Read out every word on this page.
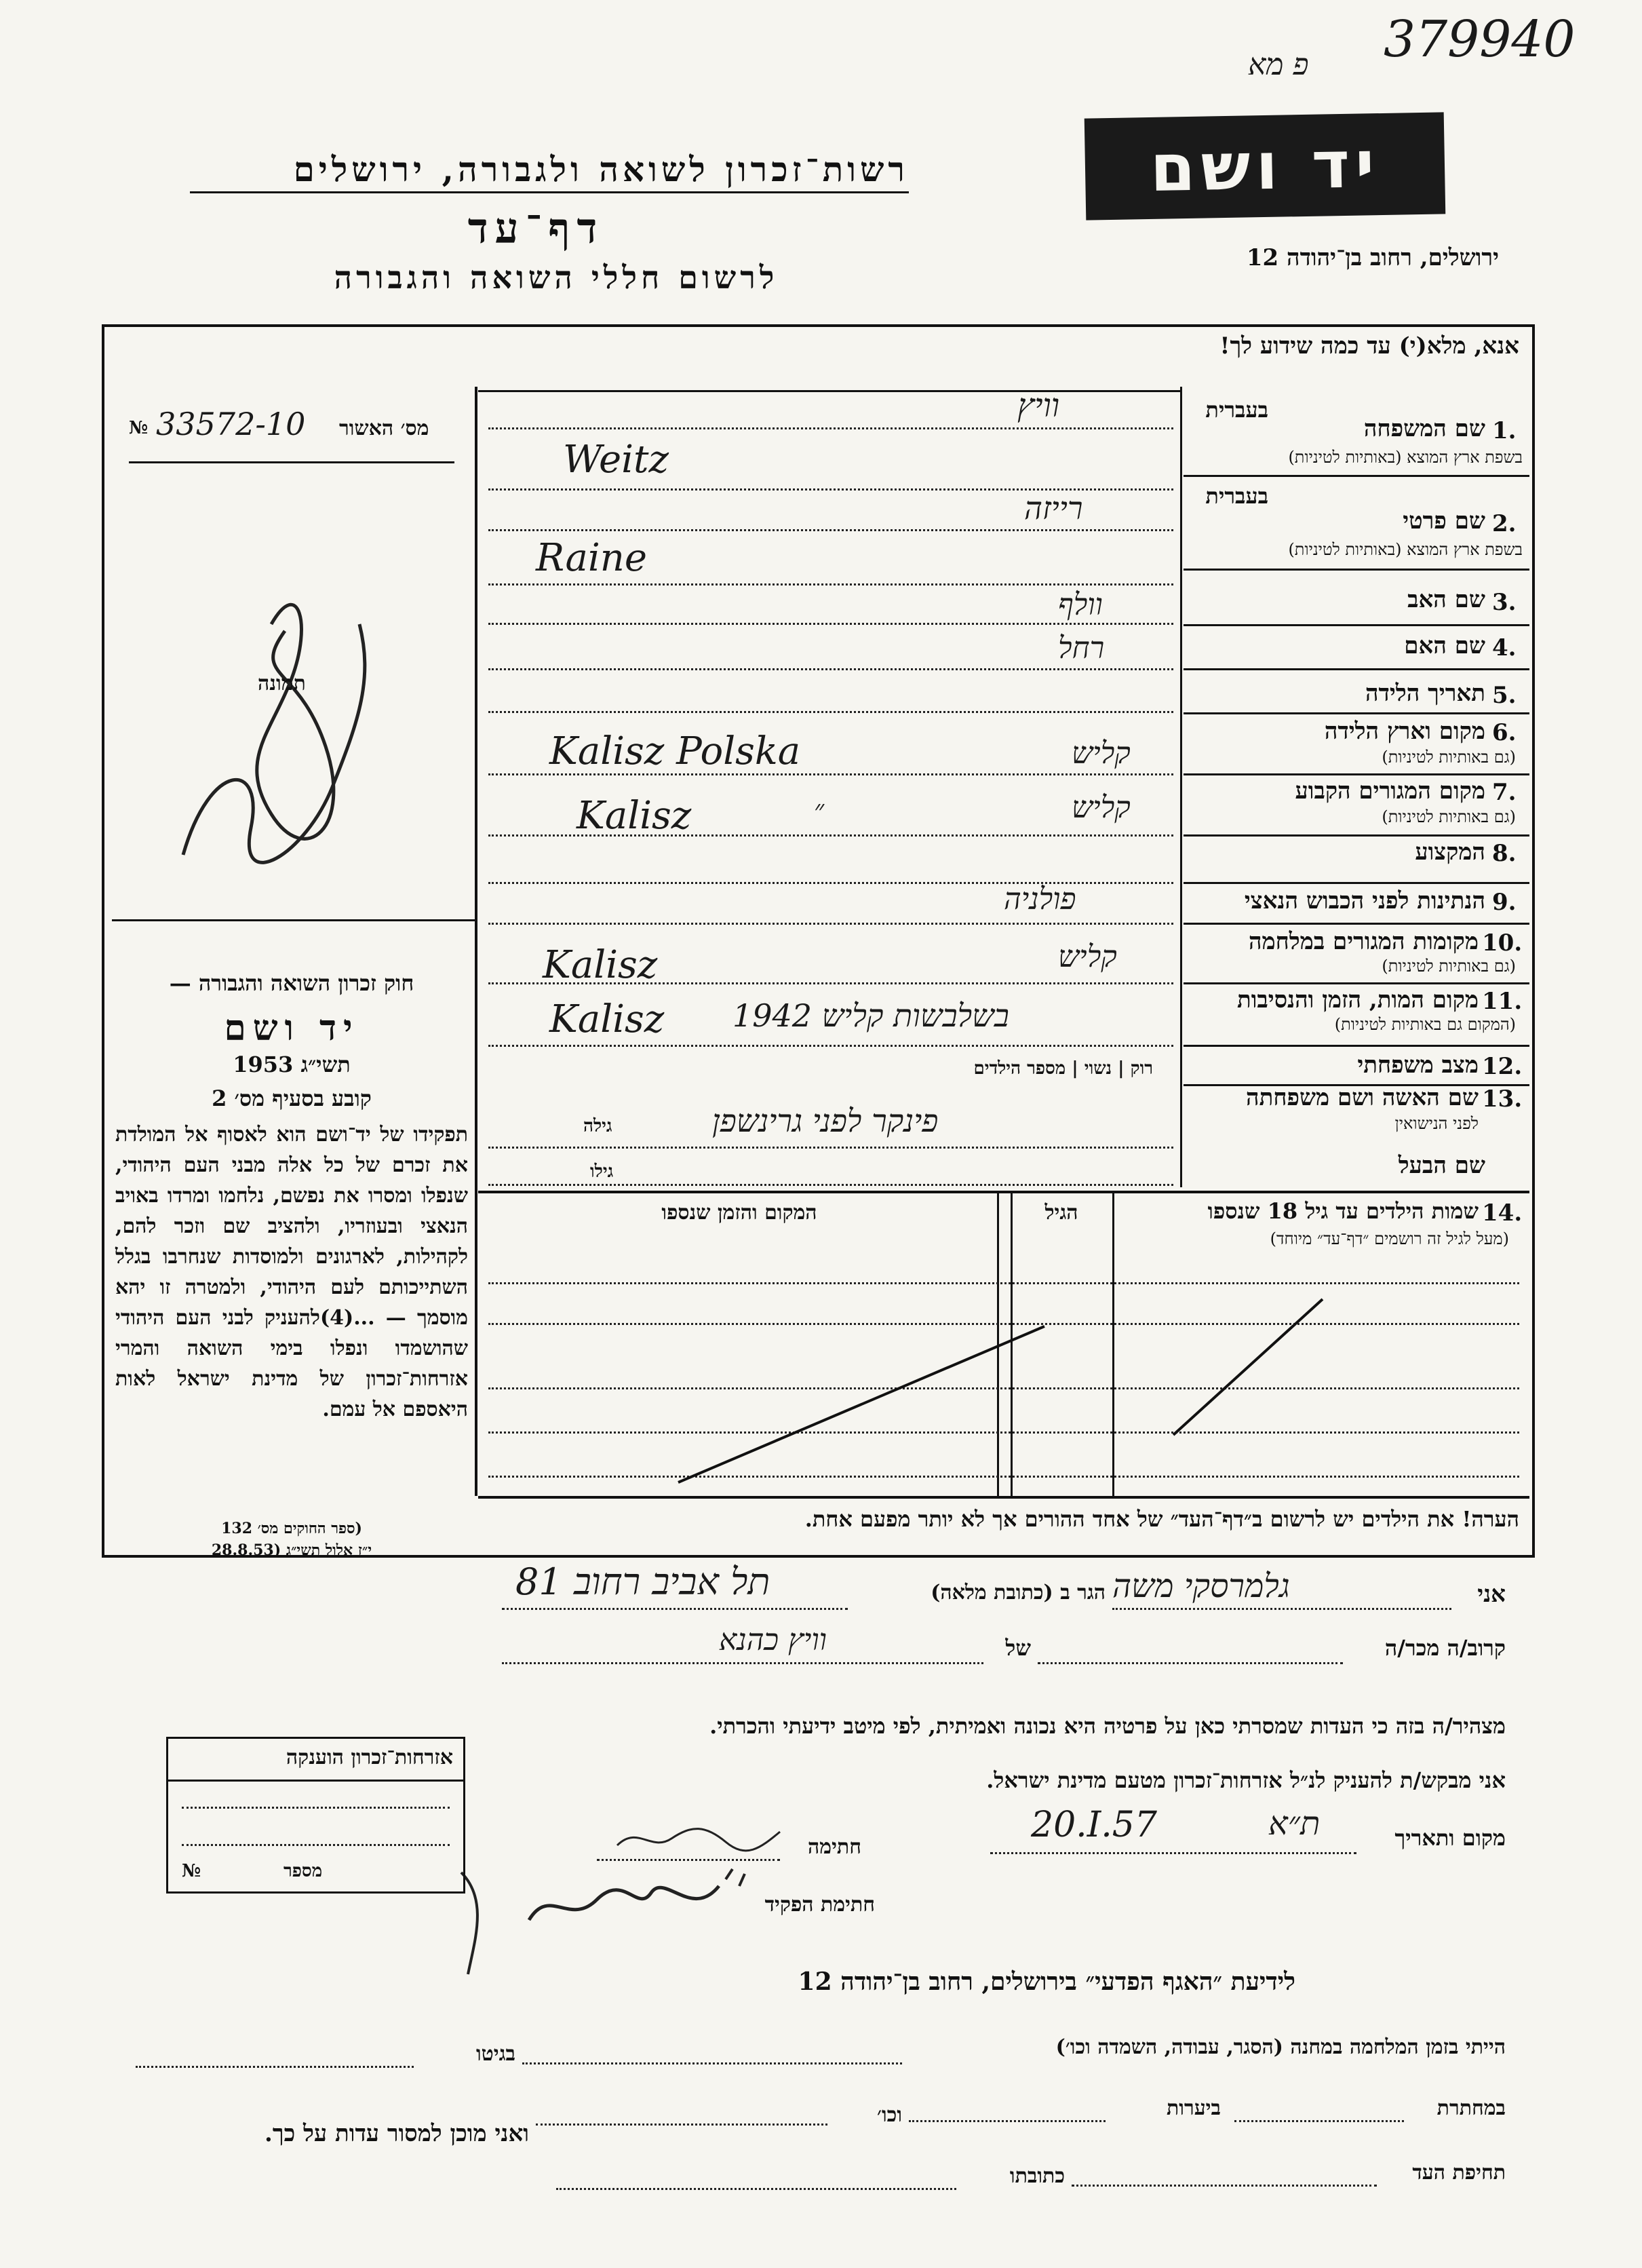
379940
פ מא
יד ושם
ירושלים, רחוב בן־יהודה 12
רשות־זכרון לשואה ולגבורה, ירושלים
דף־עד
לרשום חללי השואה והגבורה
אנא, מלא(י) עד כמה שידוע לך!
№ 33572-10 מס׳ האשור
תמונה
חוק זכרון השואה והגבורה —
יד ושם
תשי״ג 1953
קובע בסעיף מס׳ 2
תפקידו של יד־ושם הוא לאסוף אל המולדת את זכרם של כל אלה מבני העם היהודי, שנפלו ומסרו את נפשם, נלחמו ומרדו באויב הנאצי ובעוזריו, ולהציב שם וזכר להם, לקהילות, לארגונים ולמוסדות שנחרבו בגלל השתייכותם לעם היהודי, ולמטרה זו יהא מוסמך — ...(4)להעניק לבני העם היהודי שהושמדו ונפלו בימי השואה והמרי אזרחות־זכרון של מדינת ישראל לאות היאספם אל עמם.
(ספר החוקים מס׳ 132
י״ז אלול תשי״ג (28.8.53
בעברית
1.
שם המשפחה
בשפת ארץ המוצא (באותיות לטיניות)
וויץ
Weitz
בעברית
2.
שם פרטי
בשפת ארץ המוצא (באותיות לטיניות)
רייזה
Raine
3.
שם האב
וולף
4.
שם האם
רחל
5.
תאריך הלידה
6.
מקום וארץ הלידה
(גם באותיות לטיניות)
קליש
Kalisz Polska
7.
מקום המגורים הקבוע
(גם באותיות לטיניות)
קליש
״
Kalisz
8.
המקצוע
9.
הנתינות לפני הכבוש הנאצי
פולניה
10.
מקומות המגורים במלחמה
(גם באותיות לטיניות)
קליש
Kalisz
11.
מקום המות, הזמן והנסיבות
(המקום גם באותיות לטיניות)
בשלבשות קליש 1942
Kalisz
12.
מצב משפחתי
רוק | נשוי | מספר הילדים
13.
שם האשה ושם משפחתה
לפני הנישואין
פינקר לפני גרינשפן
גילה
שם הבעל
גילו
14.
שמות הילדים עד גיל 18 שנספו
(מעל לגיל זה רושמים ״דף־עד״ מיוחד)
הגיל
המקום והזמן שנספו
הערה! את הילדים יש לרשום ב״דף־העד״ של אחד ההורים אך לא יותר מפעם אחת.
אני
גלמרסקי משה
הגר ב (כתובת מלאה)
תל אביב רחוב 81
קרוב/ה מכר/ה
של
וויץ כהנא
מצהיר/ה בזה כי העדות שמסרתי כאן על פרטיה היא נכונה ואמיתית, לפי מיטב ידיעתי והכרתי.
אני מבקש/ת להעניק לנ״ל אזרחות־זכרון מטעם מדינת ישראל.
מקום ותאריך
ת״א
20.I.57
חתימה
חתימת הפקיד
אזרחות־זכרון הוענקה
№	מספר
לידיעת ״האגף הפדעי״ בירושלים, רחוב בן־יהודה 12
הייתי בזמן המלחמה במחנה (הסגר, עבודה, השמדה וכו׳)
בגיטו
במחתרת
ביערות
וכו׳
ואני מוכן למסור עדות על כך.
תחיפת העד
כתובתו
